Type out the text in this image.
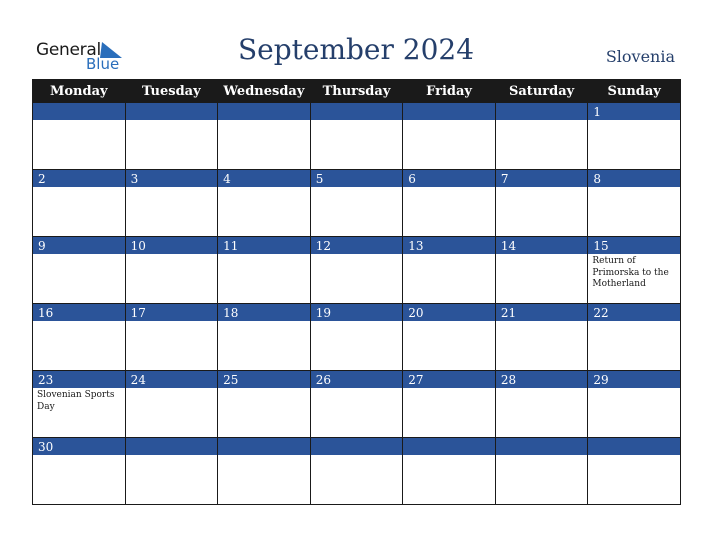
General
Blue	September 2024	Slovenia
Monday	Tuesday	Wednesday	Thursday	Friday	Saturday	Sunday
						1

2	3	4	5	6	7	8

9	10	11	12	13	14	15
						Return of Primorska to the Motherland
16	17	18	19	20	21	22

23	24	25	26	27	28	29
Slovenian Sports Day						
30						
